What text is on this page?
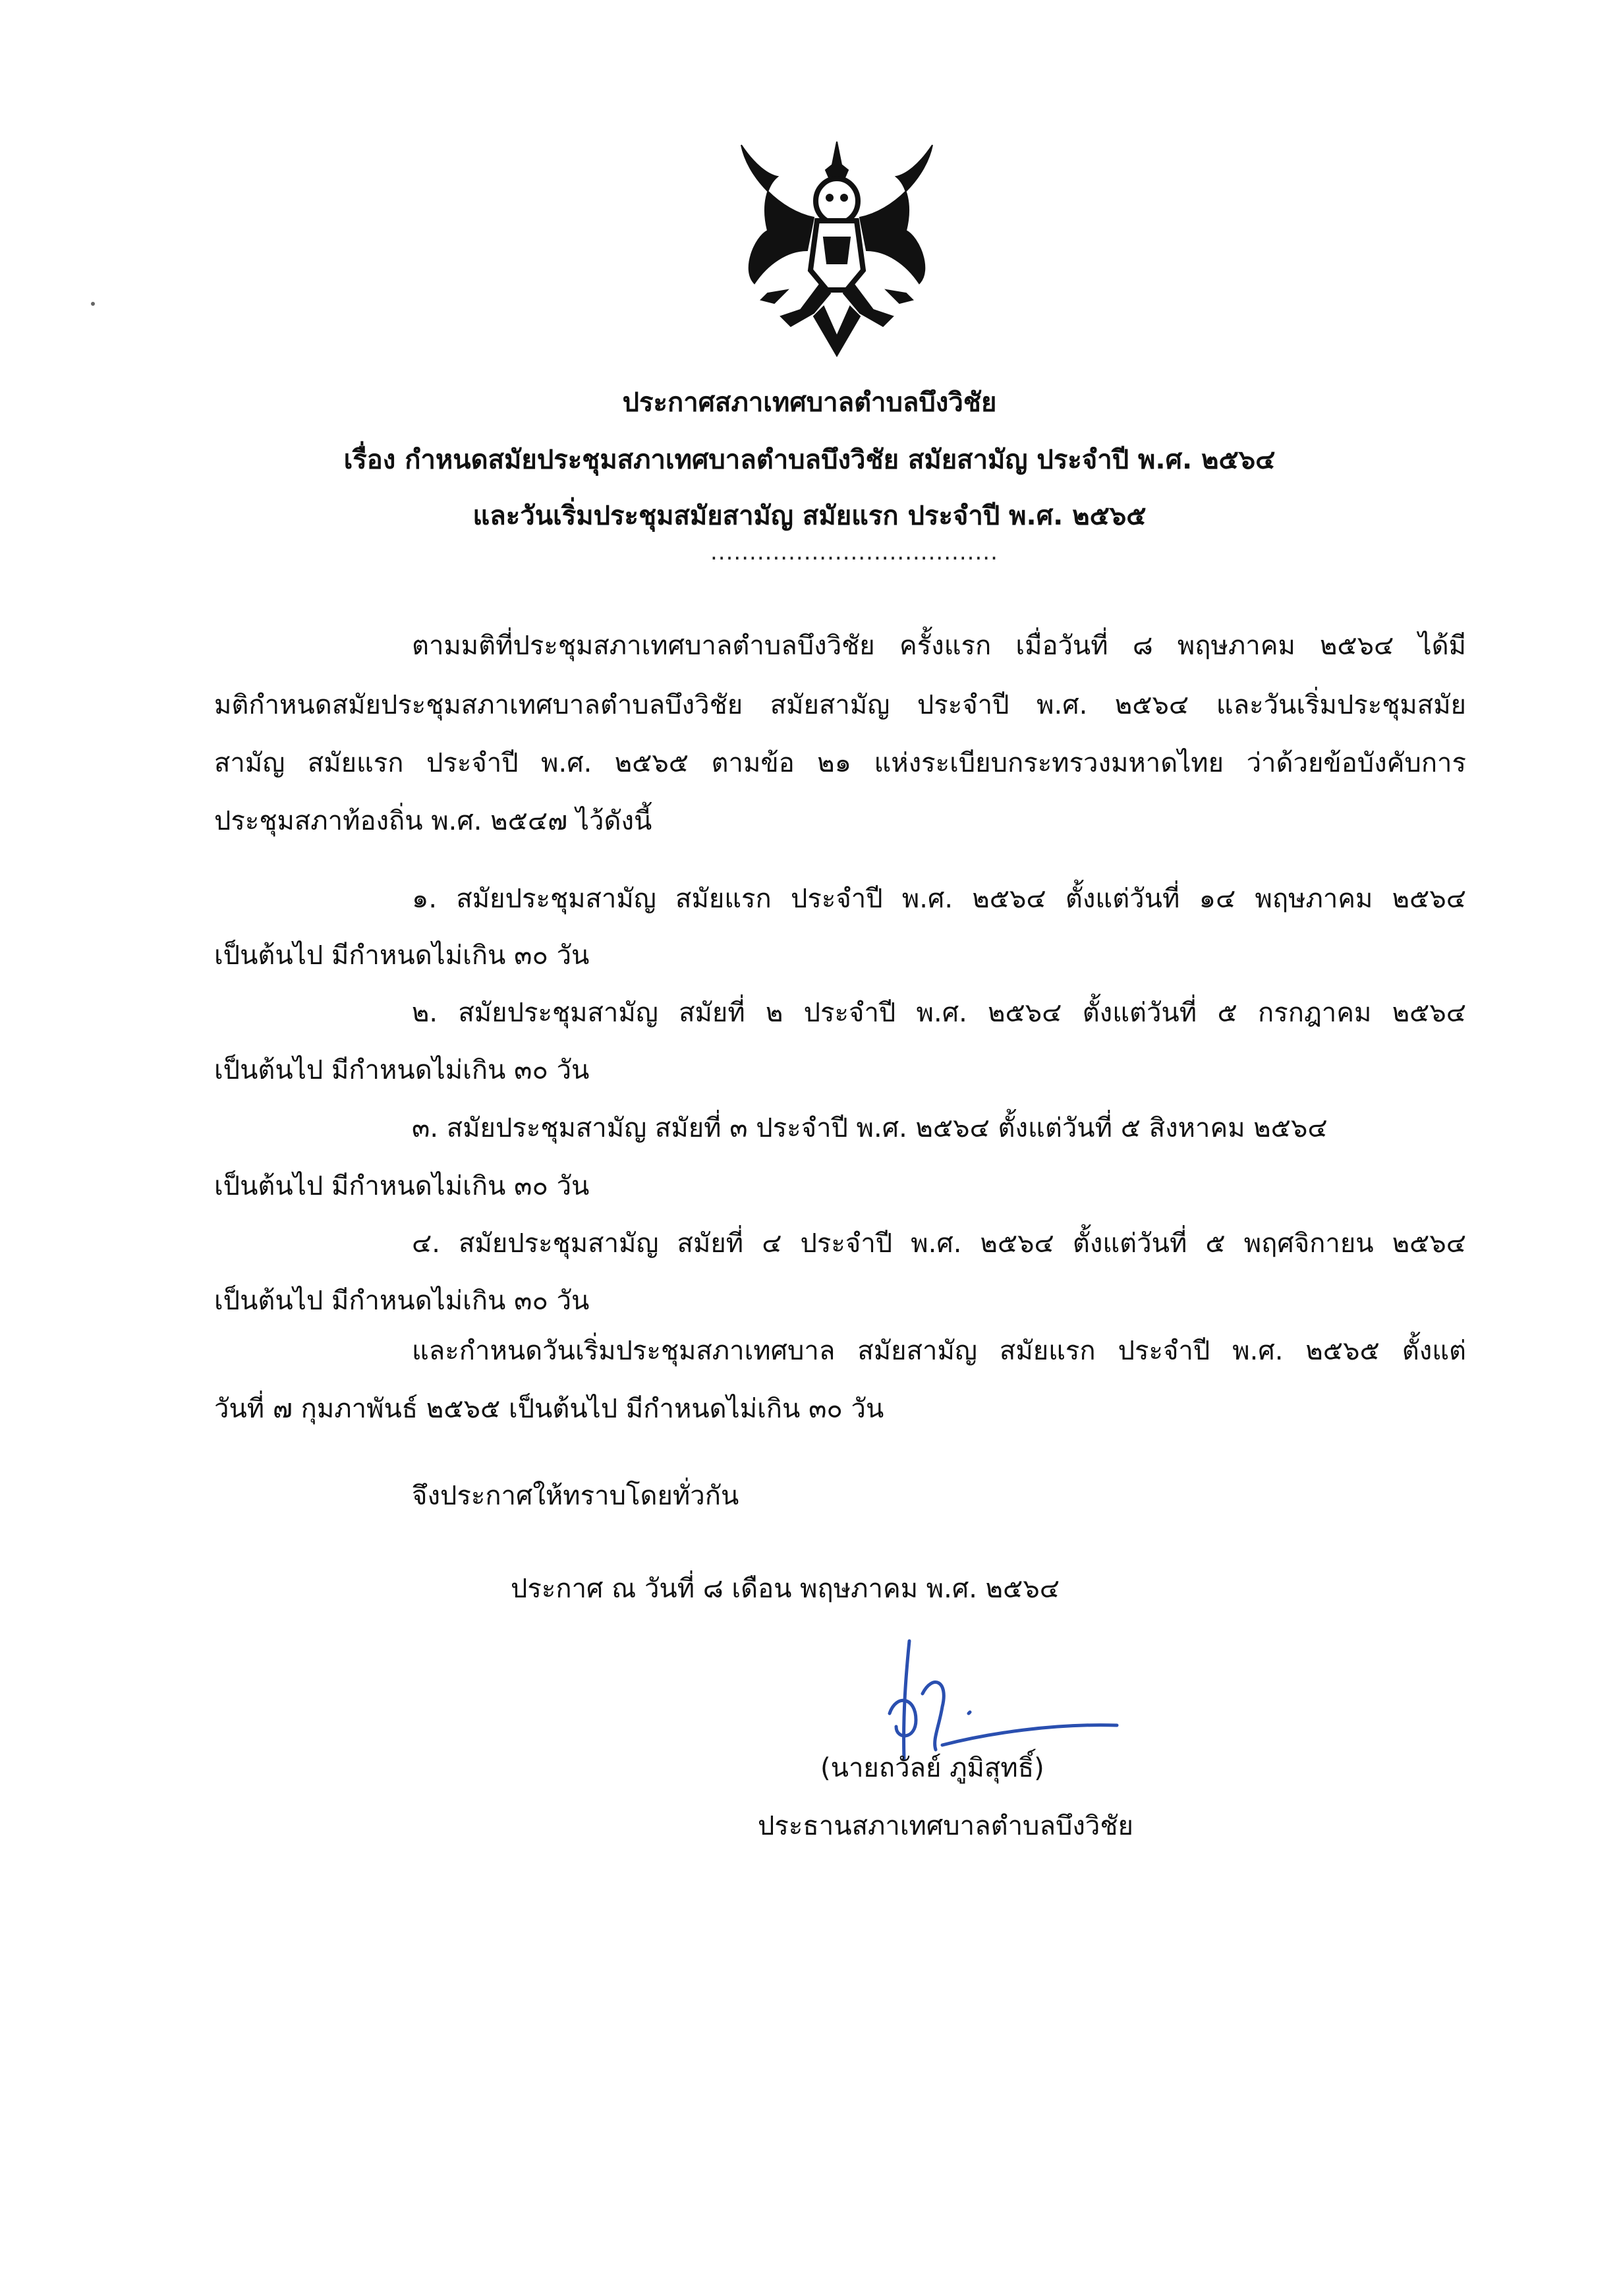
ประกาศสภาเทศบาลตำบลบึงวิชัย
เรื่อง กำหนดสมัยประชุมสภาเทศบาลตำบลบึงวิชัย สมัยสามัญ ประจำปี พ.ศ. ๒๕๖๔
และวันเริ่มประชุมสมัยสามัญ สมัยแรก ประจำปี พ.ศ. ๒๕๖๕
.....................................
ตามมติที่ประชุมสภาเทศบาลตำบลบึงวิชัย ครั้งแรก เมื่อวันที่ ๘ พฤษภาคม ๒๕๖๔ ได้มี
มติกำหนดสมัยประชุมสภาเทศบาลตำบลบึงวิชัย สมัยสามัญ ประจำปี พ.ศ. ๒๕๖๔ และวันเริ่มประชุมสมัย
สามัญ สมัยแรก ประจำปี พ.ศ. ๒๕๖๕ ตามข้อ ๒๑ แห่งระเบียบกระทรวงมหาดไทย ว่าด้วยข้อบังคับการ
ประชุมสภาท้องถิ่น พ.ศ. ๒๕๔๗ ไว้ดังนี้
๑. สมัยประชุมสามัญ สมัยแรก ประจำปี พ.ศ. ๒๕๖๔ ตั้งแต่วันที่ ๑๔ พฤษภาคม ๒๕๖๔
เป็นต้นไป มีกำหนดไม่เกิน ๓๐ วัน
๒. สมัยประชุมสามัญ สมัยที่ ๒ ประจำปี พ.ศ. ๒๕๖๔ ตั้งแต่วันที่ ๕ กรกฎาคม ๒๕๖๔
เป็นต้นไป มีกำหนดไม่เกิน ๓๐ วัน
๓. สมัยประชุมสามัญ สมัยที่ ๓ ประจำปี พ.ศ. ๒๕๖๔ ตั้งแต่วันที่ ๕ สิงหาคม ๒๕๖๔
เป็นต้นไป มีกำหนดไม่เกิน ๓๐ วัน
๔. สมัยประชุมสามัญ สมัยที่ ๔ ประจำปี พ.ศ. ๒๕๖๔ ตั้งแต่วันที่ ๕ พฤศจิกายน ๒๕๖๔
เป็นต้นไป มีกำหนดไม่เกิน ๓๐ วัน
และกำหนดวันเริ่มประชุมสภาเทศบาล สมัยสามัญ สมัยแรก ประจำปี พ.ศ. ๒๕๖๕ ตั้งแต่
วันที่ ๗ กุมภาพันธ์ ๒๕๖๕ เป็นต้นไป มีกำหนดไม่เกิน ๓๐ วัน
จึงประกาศให้ทราบโดยทั่วกัน
ประกาศ ณ วันที่ ๘ เดือน พฤษภาคม พ.ศ. ๒๕๖๔
(นายถวัลย์ ภูมิสุทธิ์)
ประธานสภาเทศบาลตำบลบึงวิชัย
